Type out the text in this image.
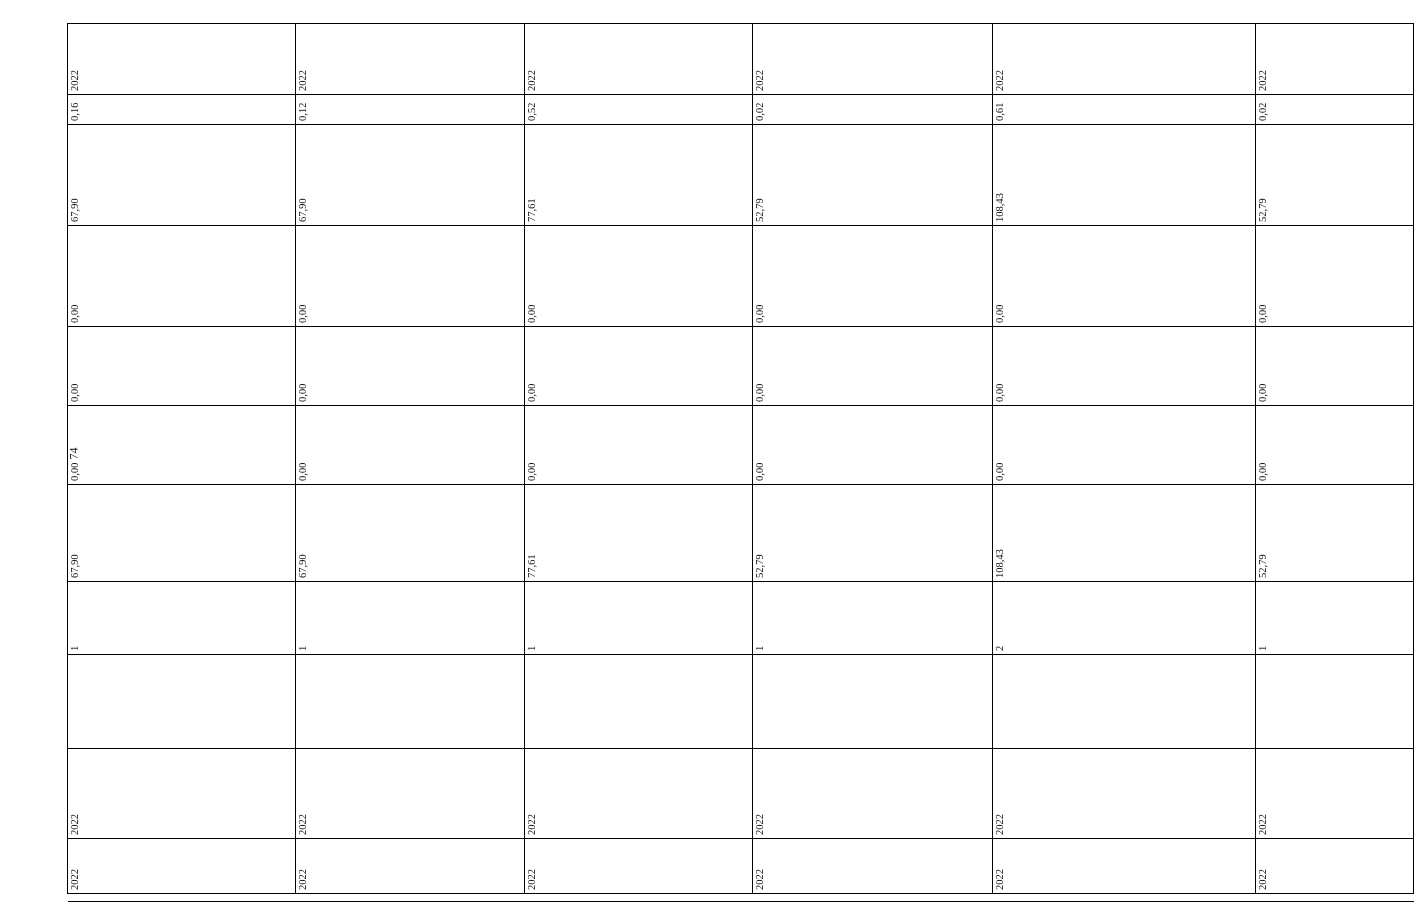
74
	2022	2022		1	67,90	0,00	0,00	0,00	67,90	0,16	2022		

	2022	2022		1	67,90	0,00	0,00	0,00	67,90	0,12	2022		

	2022	2022		1	77,61	0,00	0,00	0,00	77,61	0,52	2022		

	2022	2022		1	52,79	0,00	0,00	0,00	52,79	0,02	2022		

	2022	2022		2	108,43	0,00	0,00	0,00	108,43	0,61	2022		

	2022	2022		1	52,79	0,00	0,00	0,00	52,79	0,02	2022		
